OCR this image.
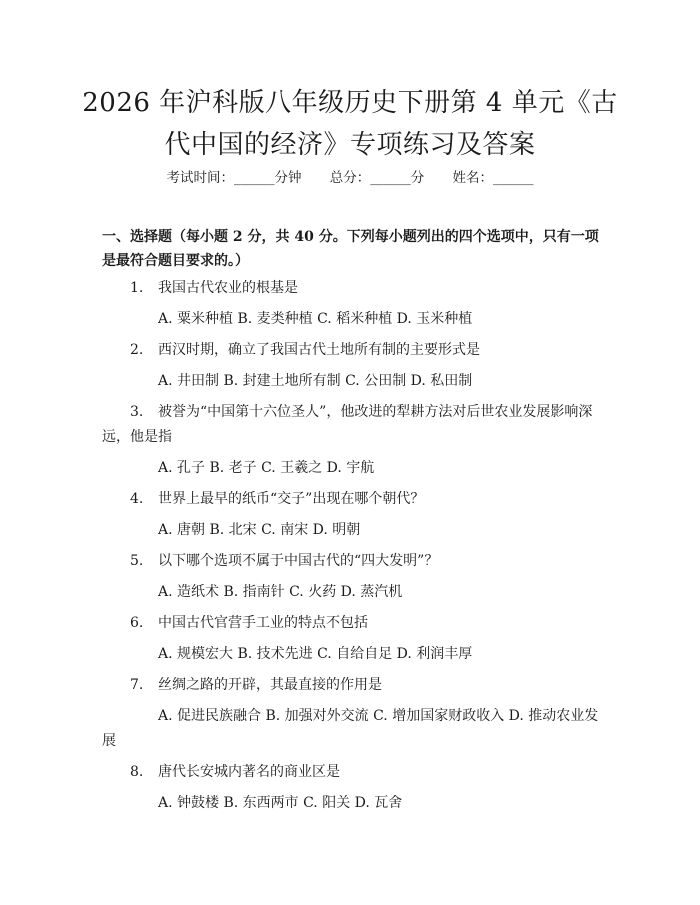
2026 年沪科版八年级历史下册第 4 单元《古
代中国的经济》专项练习及答案
考试时间：______分钟 总分：______分 姓名：______
一、选择题（每小题 2 分，共 40 分。下列每小题列出的四个选项中，只有一项是最符合题目要求的。）
1. 我国古代农业的根基是
A. 粟米种植 B. 麦类种植 C. 稻米种植 D. 玉米种植
2. 西汉时期，确立了我国古代土地所有制的主要形式是
A. 井田制 B. 封建土地所有制 C. 公田制 D. 私田制
3. 被誉为“中国第十六位圣人”，他改进的犁耕方法对后世农业发展影响深远，他是指
A. 孔子 B. 老子 C. 王羲之 D. 宇航
4. 世界上最早的纸币“交子”出现在哪个朝代？
A. 唐朝 B. 北宋 C. 南宋 D. 明朝
5. 以下哪个选项不属于中国古代的“四大发明”？
A. 造纸术 B. 指南针 C. 火药 D. 蒸汽机
6. 中国古代官营手工业的特点不包括
A. 规模宏大 B. 技术先进 C. 自给自足 D. 利润丰厚
7. 丝绸之路的开辟，其最直接的作用是
A. 促进民族融合 B. 加强对外交流 C. 增加国家财政收入 D. 推动农业发展
8. 唐代长安城内著名的商业区是
A. 钟鼓楼 B. 东西两市 C. 阳关 D. 瓦舍
